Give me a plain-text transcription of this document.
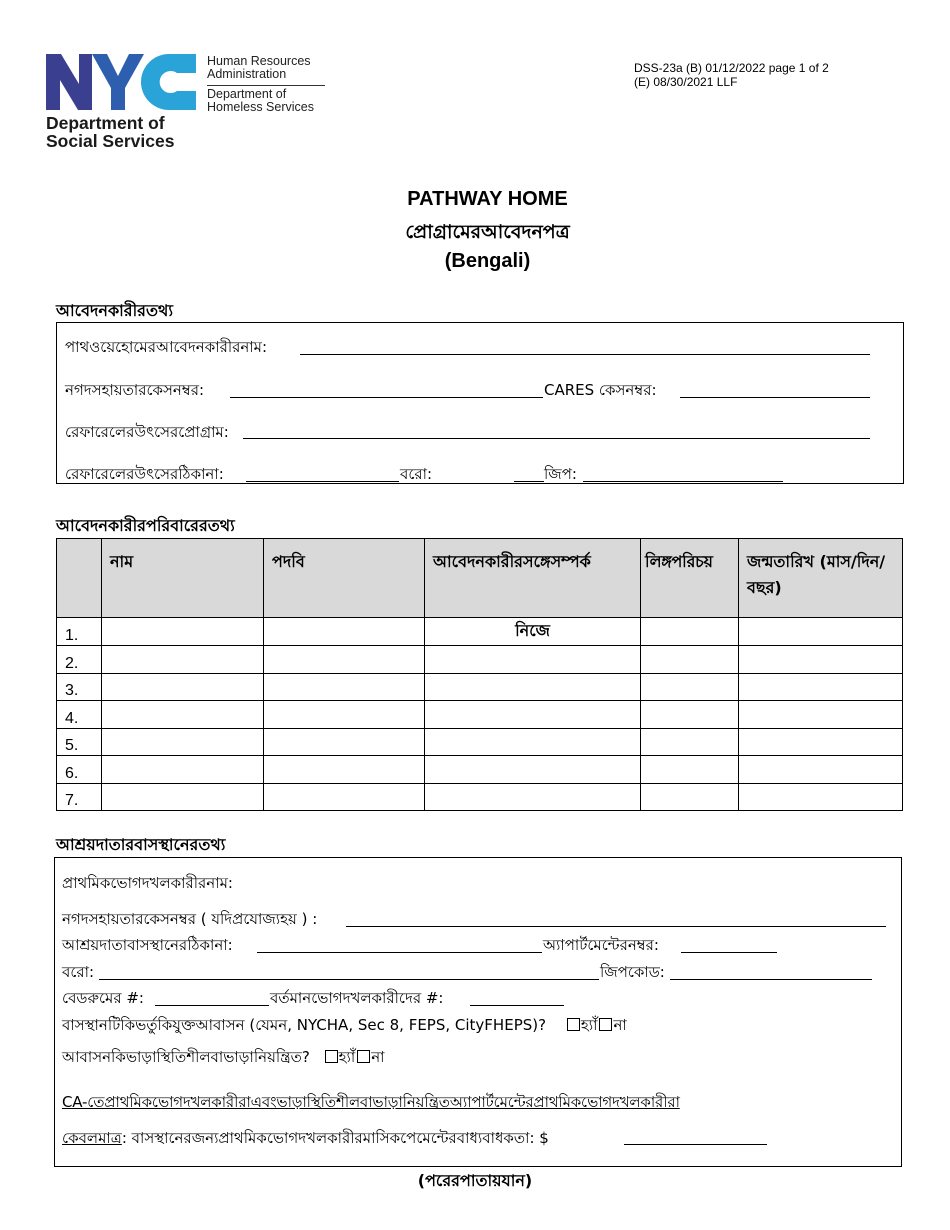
Human Resources
Administration
Department of
Homeless Services
Department of
Social Services
DSS-23a (B) 01/12/2022 page 1 of 2
(E) 08/30/2021 LLF
PATHWAY HOME
প্রোগ্রামেরআবেদনপত্র
(Bengali)
আবেদনকারীরতথ্য
পাথওয়েহোমেরআবেদনকারীরনাম:
নগদসহায়তারকেসনম্বর:	CARES কেসনম্বর:
রেফারেলেরউৎসেরপ্রোগ্রাম:
রেফারেলেরউৎসেরঠিকানা:	বরো:	জিপ:
আবেদনকারীরপরিবারেরতথ্য
	নাম	পদবি	আবেদনকারীরসঙ্গেসম্পর্ক	লিঙ্গপরিচয়	জন্মতারিখ (মাস/দিন/বছর)
1.			নিজে		
2.					
3.					
4.					
5.					
6.					
7.					
আশ্রয়দাতারবাসস্থানেরতথ্য
প্রাথমিকভোগদখলকারীরনাম:
নগদসহায়তারকেসনম্বর ( যদিপ্রযোজ্যহয় ) :
আশ্রয়দাতাবাসস্থানেরঠিকানা:	অ্যাপার্টমেন্টেরনম্বর:
বরো:	জিপকোড:
বেডরুমের #:	বর্তমানভোগদখলকারীদের #:
বাসস্থানটিকিভর্তুকিযুক্তআবাসন (যেমন, NYCHA, Sec 8, FEPS, CityFHEPS)? হ্যাঁ না
আবাসনকিভাড়াস্থিতিশীলবাভাড়ানিয়ন্ত্রিত? হ্যাঁ না
CA-তেপ্রাথমিকভোগদখলকারীরাএবংভাড়াস্থিতিশীলবাভাড়ানিয়ন্ত্রিতঅ্যাপার্টমেন্টেরপ্রাথমিকভোগদখলকারীরা
কেবলমাত্র: বাসস্থানেরজন্যপ্রাথমিকভোগদখলকারীরমাসিকপেমেন্টেরবাধ্যবাধকতা: $
(পরেরপাতায়যান)
